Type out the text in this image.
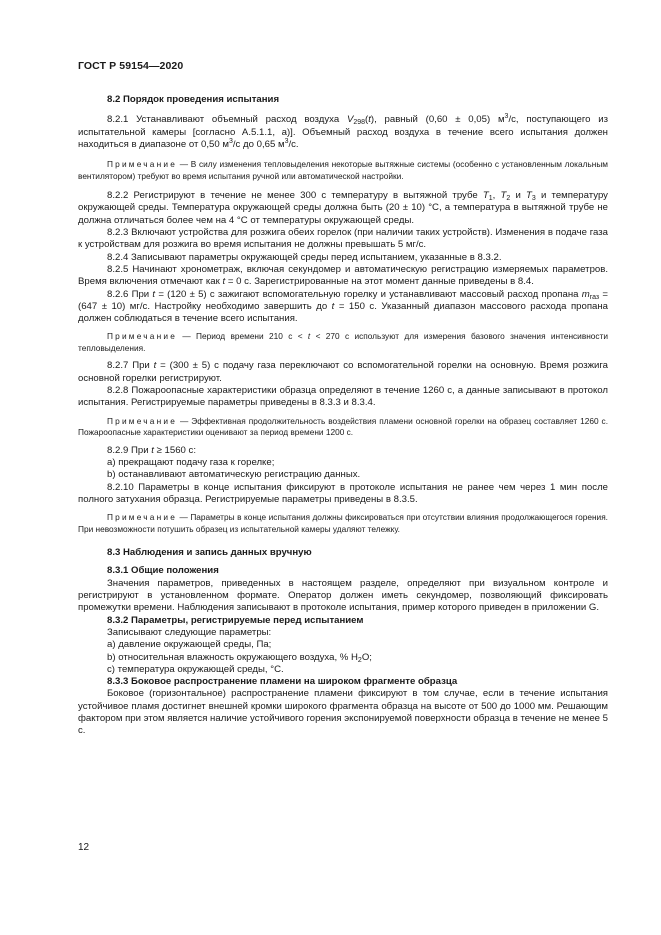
ГОСТ Р 59154—2020

8.2 Порядок проведения испытания

8.2.1 Устанавливают объемный расход воздуха $V_{298}(t)$, равный (0,60 ± 0,05) $м^3/с$, поступающего из испытательной камеры [согласно А.5.1.1, а)]. Объемный расход воздуха в течение всего испытания должен находиться в диапазоне от 0,50 $м^3/с$ до 0,65 $м^3/с$.

Примечание — В силу изменения тепловыделения некоторые вытяжные системы (особенно с установленным локальным вентилятором) требуют во время испытания ручной или автоматической настройки.

8.2.2 Регистрируют в течение не менее 300 с температуру в вытяжной трубе $T_1$, $T_2$ и $T_3$ и температуру окружающей среды. Температура окружающей среды должна быть (20 ± 10) °С, а температура в вытяжной трубе не должна отличаться более чем на 4 °С от температуры окружающей среды.

8.2.3 Включают устройства для розжига обеих горелок (при наличии таких устройств). Изменения в подаче газа к устройствам для розжига во время испытания не должны превышать 5 мг/с.

8.2.4 Записывают параметры окружающей среды перед испытанием, указанные в 8.3.2.

8.2.5 Начинают хронометраж, включая секундомер и автоматическую регистрацию измеряемых параметров. Время включения отмечают как t = 0 с. Зарегистрированные на этот момент данные приведены в 8.4.

8.2.6 При t = (120 ± 5) с зажигают вспомогательную горелку и устанавливают массовый расход пропана $m_{газ} = (647 \pm 10)$ мг/с. Настройку необходимо завершить до t = 150 с. Указанный диапазон массового расхода пропана должен соблюдаться в течение всего испытания.

Примечание — Период времени 210 с < t < 270 с используют для измерения базового значения интенсивности тепловыделения.

8.2.7 При t = (300 ± 5) с подачу газа переключают со вспомогательной горелки на основную. Время розжига основной горелки регистрируют.

8.2.8 Пожароопасные характеристики образца определяют в течение 1260 с, а данные записывают в протокол испытания. Регистрируемые параметры приведены в 8.3.3 и 8.3.4.

Примечание — Эффективная продолжительность воздействия пламени основной горелки на образец составляет 1260 с. Пожароопасные характеристики оценивают за период времени 1200 с.

8.2.9 При t ≥ 1560 с:

а) прекращают подачу газа к горелке;

b) останавливают автоматическую регистрацию данных.

8.2.10 Параметры в конце испытания фиксируют в протоколе испытания не ранее чем через 1 мин после полного затухания образца. Регистрируемые параметры приведены в 8.3.5.

Примечание — Параметры в конце испытания должны фиксироваться при отсутствии влияния продолжающегося горения. При невозможности потушить образец из испытательной камеры удаляют тележку.

8.3 Наблюдения и запись данных вручную

8.3.1 Общие положения

Значения параметров, приведенных в настоящем разделе, определяют при визуальном контроле и регистрируют в установленном формате. Оператор должен иметь секундомер, позволяющий фиксировать промежутки времени. Наблюдения записывают в протоколе испытания, пример которого приведен в приложении G.

8.3.2 Параметры, регистрируемые перед испытанием

Записывают следующие параметры:

а) давление окружающей среды, Па;

b) относительная влажность окружающего воздуха, % $H_2O$;

c) температура окружающей среды, °С.

8.3.3 Боковое распространение пламени на широком фрагменте образца

Боковое (горизонтальное) распространение пламени фиксируют в том случае, если в течение испытания устойчивое пламя достигнет внешней кромки широкого фрагмента образца на высоте от 500 до 1000 мм. Решающим фактором при этом является наличие устойчивого горения экспонируемой поверхности образца в течение не менее 5 с.

12
